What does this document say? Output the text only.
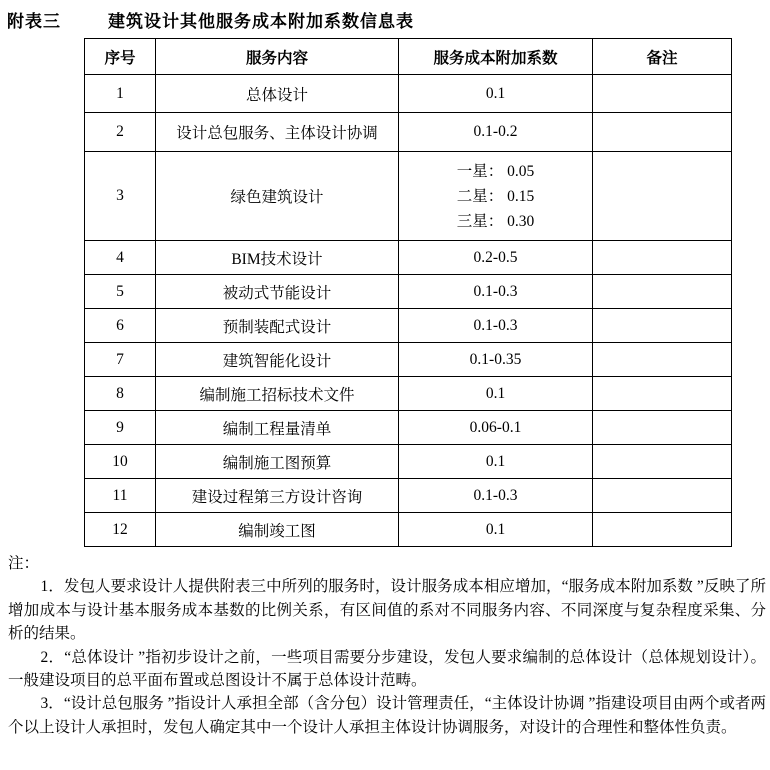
附表三	建筑设计其他服务成本附加系数信息表
序号	服务内容	服务成本附加系数	备注
1	总体设计	0.1	
2	设计总包服务、主体设计协调	0.1-0.2	
3	绿色建筑设计	一星： 0.05
二星： 0.15
三星： 0.30	
4	BIM技术设计	0.2-0.5	
5	被动式节能设计	0.1-0.3	
6	预制装配式设计	0.1-0.3	
7	建筑智能化设计	0.1-0.35	
8	编制施工招标技术文件	0.1	
9	编制工程量清单	0.06-0.1	
10	编制施工图预算	0.1	
11	建设过程第三方设计咨询	0.1-0.3	
12	编制竣工图	0.1	

注：

1．发包人要求设计人提供附表三中所列的服务时，设计服务成本相应增加，“服务成本附加系数 ”反映了所增加成本与设计基本服务成本基数的比例关系，有区间值的系对不同服务内容、不同深度与复杂程度采集、分析的结果。

2．“总体设计 ”指初步设计之前，一些项目需要分步建设，发包人要求编制的总体设计（总体规划设计）。一般建设项目的总平面布置或总图设计不属于总体设计范畴。

3．“设计总包服务 ”指设计人承担全部（含分包）设计管理责任，“主体设计协调 ”指建设项目由两个或者两个以上设计人承担时，发包人确定其中一个设计人承担主体设计协调服务，对设计的合理性和整体性负责。
